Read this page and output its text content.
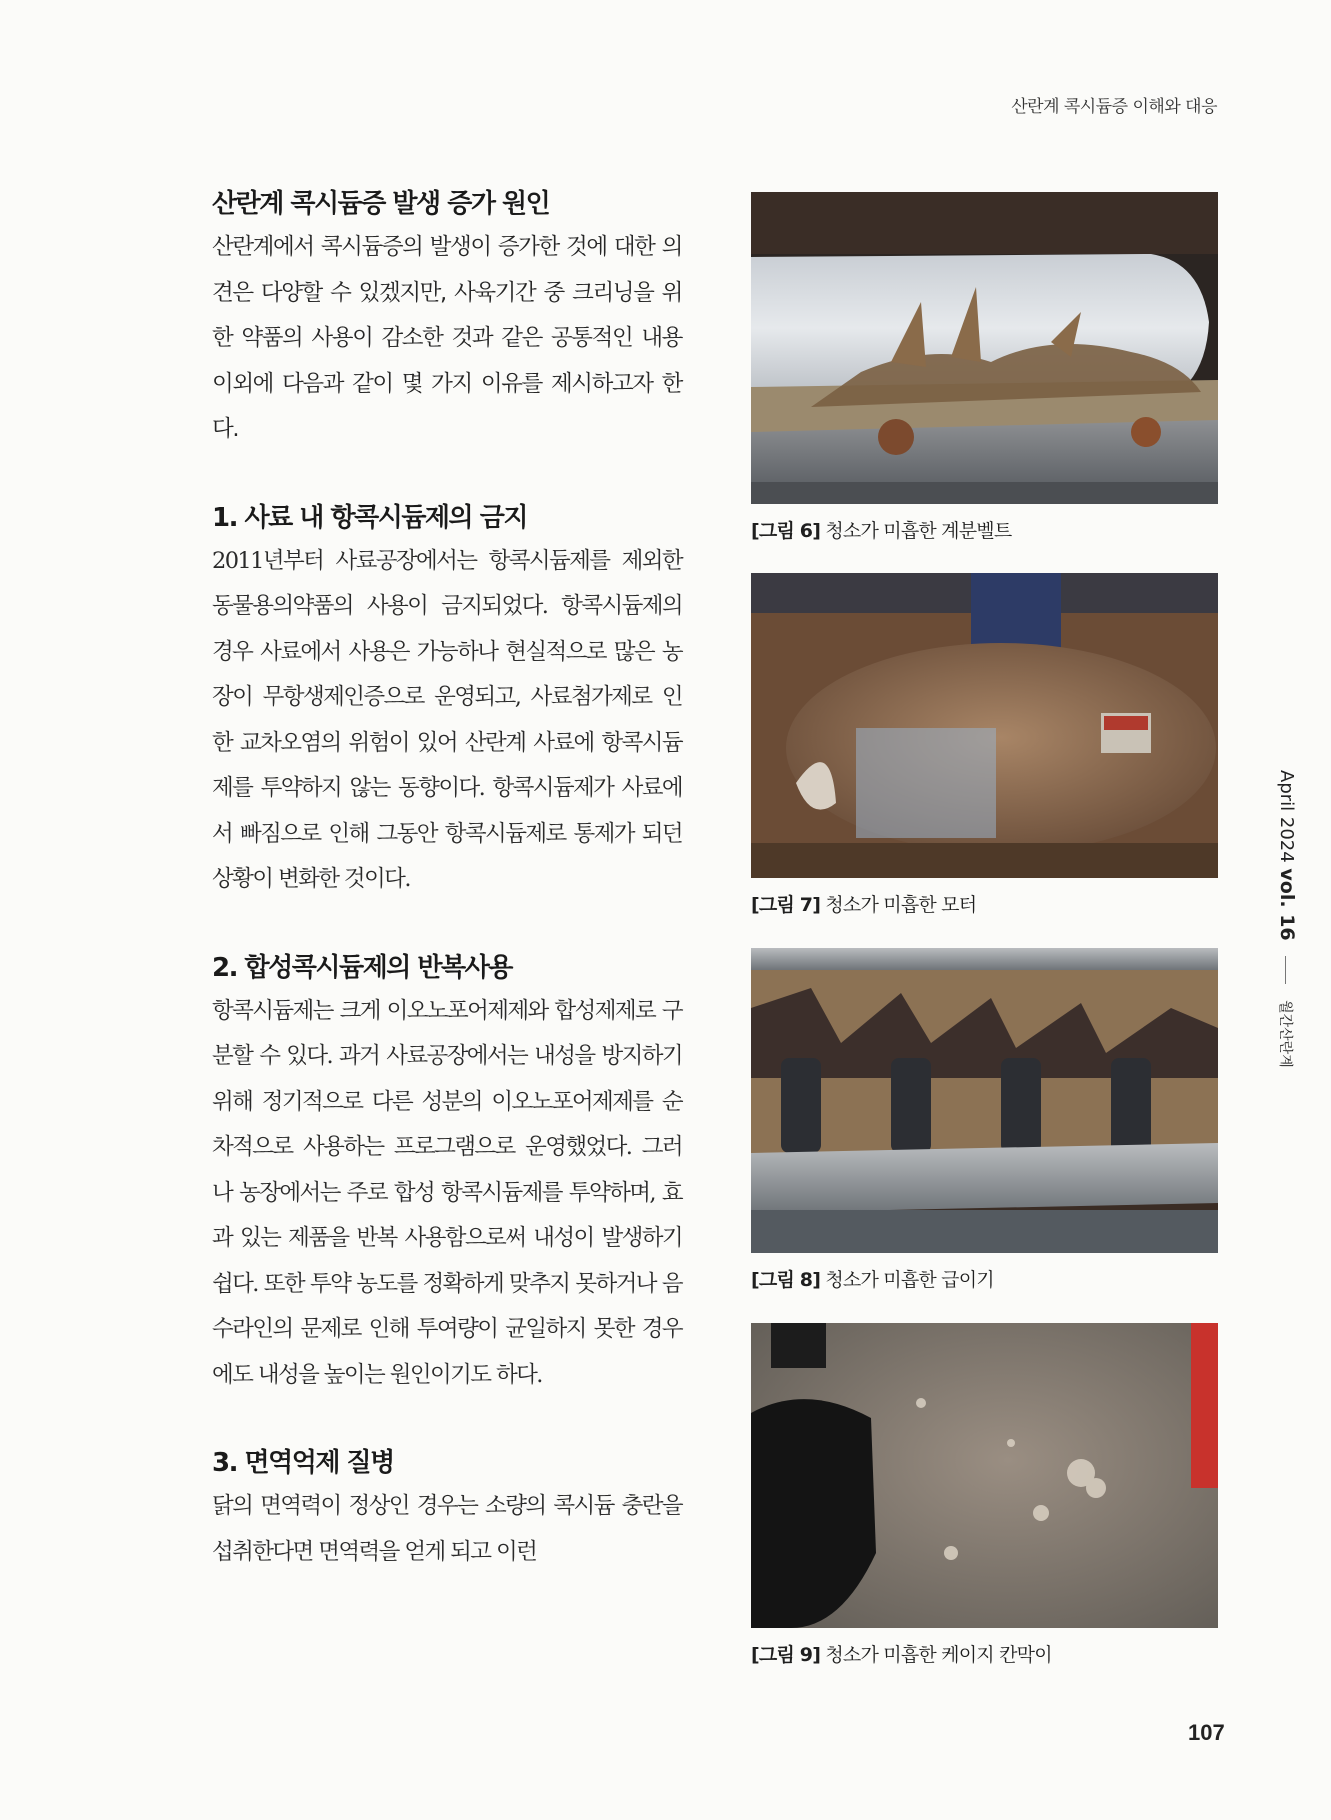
산란계 콕시듐증 이해와 대응
산란계 콕시듐증 발생 증가 원인

산란계에서 콕시듐증의 발생이 증가한 것에 대한 의견은 다양할 수 있겠지만, 사육기간 중 크리닝을 위한 약품의 사용이 감소한 것과 같은 공통적인 내용 이외에 다음과 같이 몇 가지 이유를 제시하고자 한다.

1. 사료 내 항콕시듐제의 금지

2011년부터 사료공장에서는 항콕시듐제를 제외한 동물용의약품의 사용이 금지되었다. 항콕시듐제의 경우 사료에서 사용은 가능하나 현실적으로 많은 농장이 무항생제인증으로 운영되고, 사료첨가제로 인한 교차오염의 위험이 있어 산란계 사료에 항콕시듐제를 투약하지 않는 동향이다. 항콕시듐제가 사료에서 빠짐으로 인해 그동안 항콕시듐제로 통제가 되던 상황이 변화한 것이다.

2. 합성콕시듐제의 반복사용

항콕시듐제는 크게 이오노포어제제와 합성제제로 구분할 수 있다. 과거 사료공장에서는 내성을 방지하기 위해 정기적으로 다른 성분의 이오노포어제제를 순차적으로 사용하는 프로그램으로 운영했었다. 그러나 농장에서는 주로 합성 항콕시듐제를 투약하며, 효과 있는 제품을 반복 사용함으로써 내성이 발생하기 쉽다. 또한 투약 농도를 정확하게 맞추지 못하거나 음수라인의 문제로 인해 투여량이 균일하지 못한 경우에도 내성을 높이는 원인이기도 하다.

3. 면역억제 질병

닭의 면역력이 정상인 경우는 소량의 콕시듐 충란을 섭취한다면 면역력을 얻게 되고 이런

[그림 6] 청소가 미흡한 계분벨트
[그림 7] 청소가 미흡한 모터
[그림 8] 청소가 미흡한 급이기
[그림 9] 청소가 미흡한 케이지 칸막이
April 2024 vol. 16  월간산란계
107
